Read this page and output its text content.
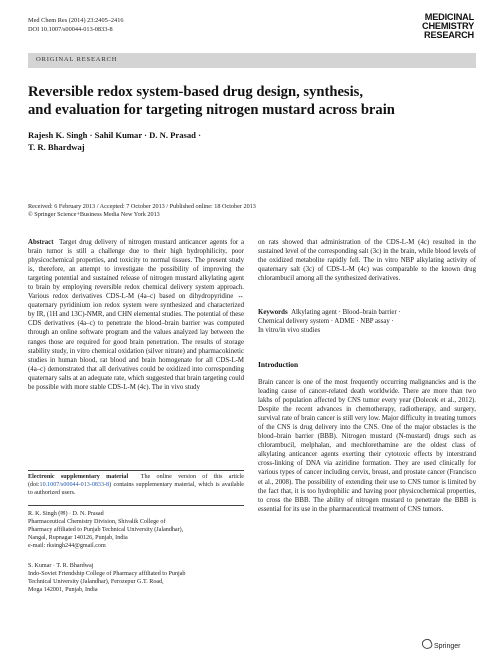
Med Chem Res (2014) 23:2405–2416
DOI 10.1007/s00044-013-0833-8
MEDICINAL
CHEMISTRY
RESEARCH
ORIGINAL RESEARCH
Reversible redox system-based drug design, synthesis,
and evaluation for targeting nitrogen mustard across brain
Rajesh K. Singh · Sahil Kumar · D. N. Prasad ·
T. R. Bhardwaj
Received: 6 February 2013 / Accepted: 7 October 2013 / Published online: 18 October 2013
© Springer Science+Business Media New York 2013

Abstract Target drug delivery of nitrogen mustard anticancer agents for a brain tumor is still a challenge due to their high hydrophilicity, poor physicochemical properties, and toxicity to normal tissues. The present study is, therefore, an attempt to investigate the possibility of improving the targeting potential and sustained release of nitrogen mustard alkylating agent to brain by employing reversible redox chemical delivery system approach. Various redox derivatives CDS-L-M (4a–c) based on dihydropyridine ↔ quaternary pyridinium ion redox system were synthesized and characterized by IR, (1H and 13C)-NMR, and CHN elemental studies. The potential of these CDS derivatives (4a–c) to penetrate the blood–brain barrier was computed through an online software program and the values analyzed lay between the ranges those are required for good brain penetration. The results of storage stability study, in vitro chemical oxidation (silver nitrate) and pharmacokinetic studies in human blood, rat blood and brain homogenate for all CDS-L-M (4a–c) demonstrated that all derivatives could be oxidized into corresponding quaternary salts at an adequate rate, which suggested that brain targeting could be possible with more stable CDS-L-M (4c). The in vivo study

Electronic supplementary material The online version of this article (doi:10.1007/s00044-013-0833-8) contains supplementary material, which is available to authorized users.
R. K. Singh (✉) · D. N. Prasad
Pharmaceutical Chemistry Division, Shivalik College of
Pharmacy affiliated to Punjab Technical University (Jalandhar),
Nangal, Rupnagar 140126, Punjab, India
e-mail: rksingh244@gmail.com
S. Kumar · T. R. Bhardwaj
Indo-Soviet Friendship College of Pharmacy affiliated to Punjab
Technical University (Jalandhar), Ferozepur G.T. Road,
Moga 142001, Punjab, India

on rats showed that administration of the CDS-L-M (4c) resulted in the sustained level of the corresponding salt (3c) in the brain, while blood levels of the oxidized metabolite rapidly fell. The in vitro NBP alkylating activity of quaternary salt (3c) of CDS-L-M (4c) was comparable to the known drug chlorambucil among all the synthesized derivatives.

Keywords Alkylating agent · Blood–brain barrier ·
Chemical delivery system · ADME · NBP assay ·
In vitro/in vivo studies
Introduction

Brain cancer is one of the most frequently occurring malignancies and is the leading cause of cancer-related death worldwide. There are more than two lakhs of population affected by CNS tumor every year (Dolecek et al., 2012). Despite the recent advances in chemotherapy, radiotherapy, and surgery, survival rate of brain cancer is still very low. Major difficulty in treating tumors of the CNS is drug delivery into the CNS. One of the major obstacles is the blood–brain barrier (BBB). Nitrogen mustard (N-mustard) drugs such as chlorambucil, melphalan, and mechlorethamine are the oldest class of alkylating anticancer agents exerting their cytotoxic effects by interstrand cross-linking of DNA via aziridine formation. They are used clinically for various types of cancer including cervix, breast, and prostate cancer (Francisco et al., 2008). The possibility of extending their use to CNS tumor is limited by the fact that, it is too hydrophilic and having poor physicochemical properties, to cross the BBB. The ability of nitrogen mustard to penetrate the BBB is essential for its use in the pharmaceutical treatment of CNS tumors.

Springer
